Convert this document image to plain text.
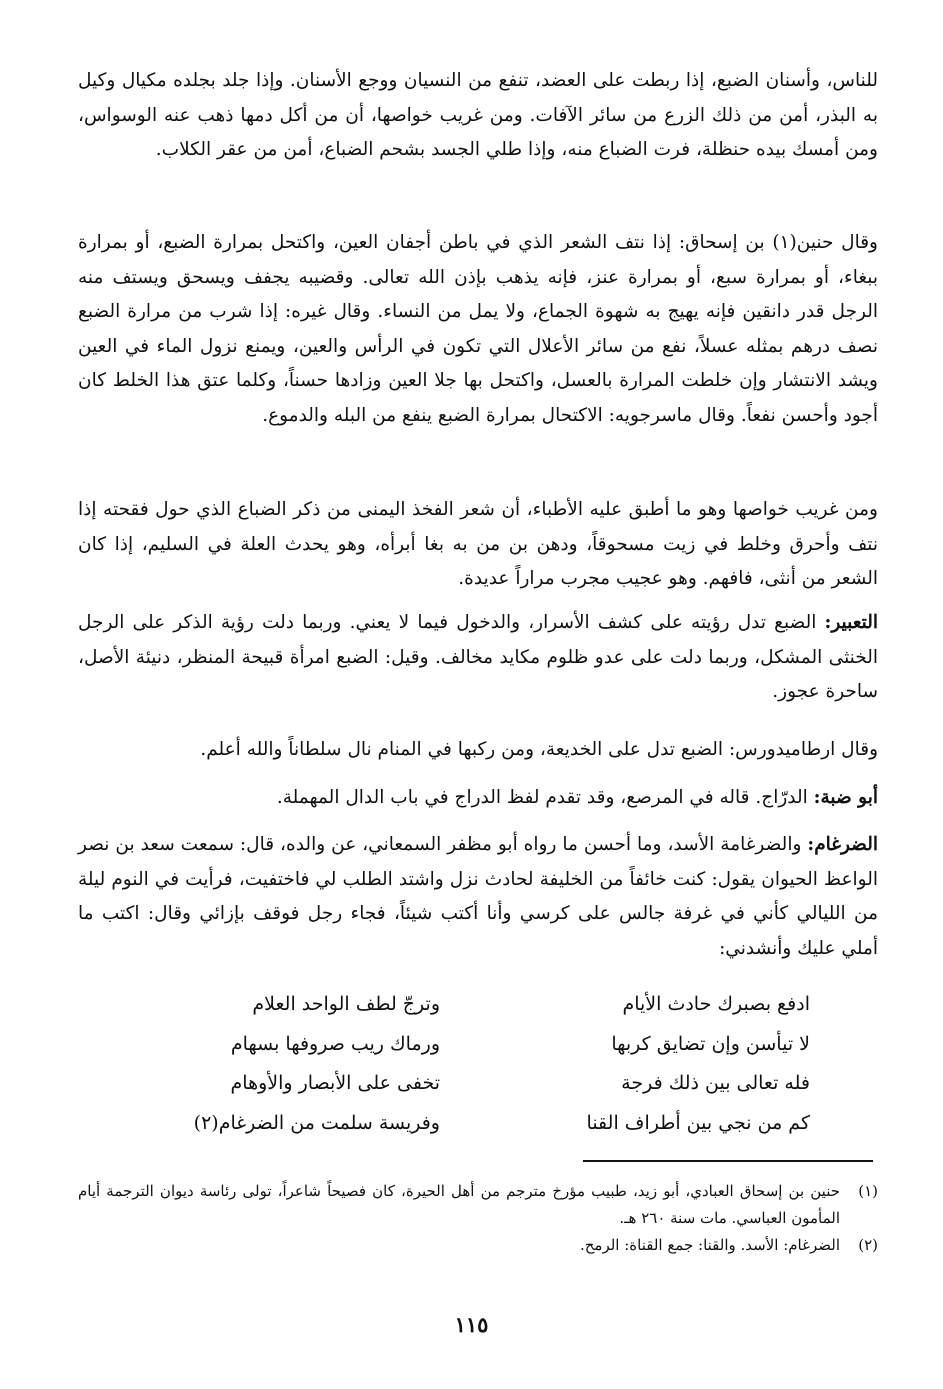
للناس، وأسنان الضبع، إذا ربطت على العضد، تنفع من النسيان ووجع الأسنان. وإذا جلد بجلده مكيال وكيل به البذر، أمن من ذلك الزرع من سائر الآفات. ومن غريب خواصها، أن من أكل دمها ذهب عنه الوسواس، ومن أمسك بيده حنظلة، فرت الضباع منه، وإذا طلي الجسد بشحم الضباع، أمن من عقر الكلاب.

وقال حنين(١) بن إسحاق: إذا نتف الشعر الذي في باطن أجفان العين، واكتحل بمرارة الضبع، أو بمرارة ببغاء، أو بمرارة سبع، أو بمرارة عنز، فإنه يذهب بإذن الله تعالى. وقضيبه يجفف ويسحق ويستف منه الرجل قدر دانقين فإنه يهيج به شهوة الجماع، ولا يمل من النساء. وقال غيره: إذا شرب من مرارة الضبع نصف درهم بمثله عسلاً، نفع من سائر الأعلال التي تكون في الرأس والعين، ويمنع نزول الماء في العين ويشد الانتشار وإن خلطت المرارة بالعسل، واكتحل بها جلا العين وزادها حسناً، وكلما عتق هذا الخلط كان أجود وأحسن نفعاً. وقال ماسرجويه: الاكتحال بمرارة الضبع ينفع من البله والدموع.

ومن غريب خواصها وهو ما أطبق عليه الأطباء، أن شعر الفخذ اليمنى من ذكر الضباع الذي حول فقحته إذا نتف وأحرق وخلط في زيت مسحوقاً، ودهن بن من به بغا أبرأه، وهو يحدث العلة في السليم، إذا كان الشعر من أنثى، فافهم. وهو عجيب مجرب مراراً عديدة.

التعبير: الضبع تدل رؤيته على كشف الأسرار، والدخول فيما لا يعني. وربما دلت رؤية الذكر على الرجل الخنثى المشكل، وربما دلت على عدو ظلوم مكايد مخالف. وقيل: الضبع امرأة قبيحة المنظر، دنيئة الأصل، ساحرة عجوز.

وقال ارطاميدورس: الضبع تدل على الخديعة، ومن ركبها في المنام نال سلطاناً والله أعلم.

أبو ضبة: الدرّاج. قاله في المرصع، وقد تقدم لفظ الدراج في باب الدال المهملة.

الضرغام: والضرغامة الأسد، وما أحسن ما رواه أبو مظفر السمعاني، عن والده، قال: سمعت سعد بن نصر الواعظ الحيوان يقول: كنت خائفاً من الخليفة لحادث نزل واشتد الطلب لي فاختفيت، فرأيت في النوم ليلة من الليالي كأني في غرفة جالس على كرسي وأنا أكتب شيئاً، فجاء رجل فوقف بإزائي وقال: اكتب ما أملي عليك وأنشدني:

ادفع بصبرك حادث الأيام
وترجّ لطف الواحد العلام
لا تيأسن وإن تضايق كربها
ورماك ريب صروفها بسهام
فله تعالى بين ذلك فرجة
تخفى على الأبصار والأوهام
كم من نجي بين أطراف القنا
وفريسة سلمت من الضرغام(٢)
(١)
حنين بن إسحاق العبادي، أبو زيد، طبيب مؤرخ مترجم من أهل الحيرة، كان فصيحاً شاعراً، تولى رئاسة ديوان الترجمة أيام المأمون العباسي. مات سنة ٢٦٠ هـ.
(٢)
الضرغام: الأسد. والقنا: جمع القناة: الرمح.
١١٥
